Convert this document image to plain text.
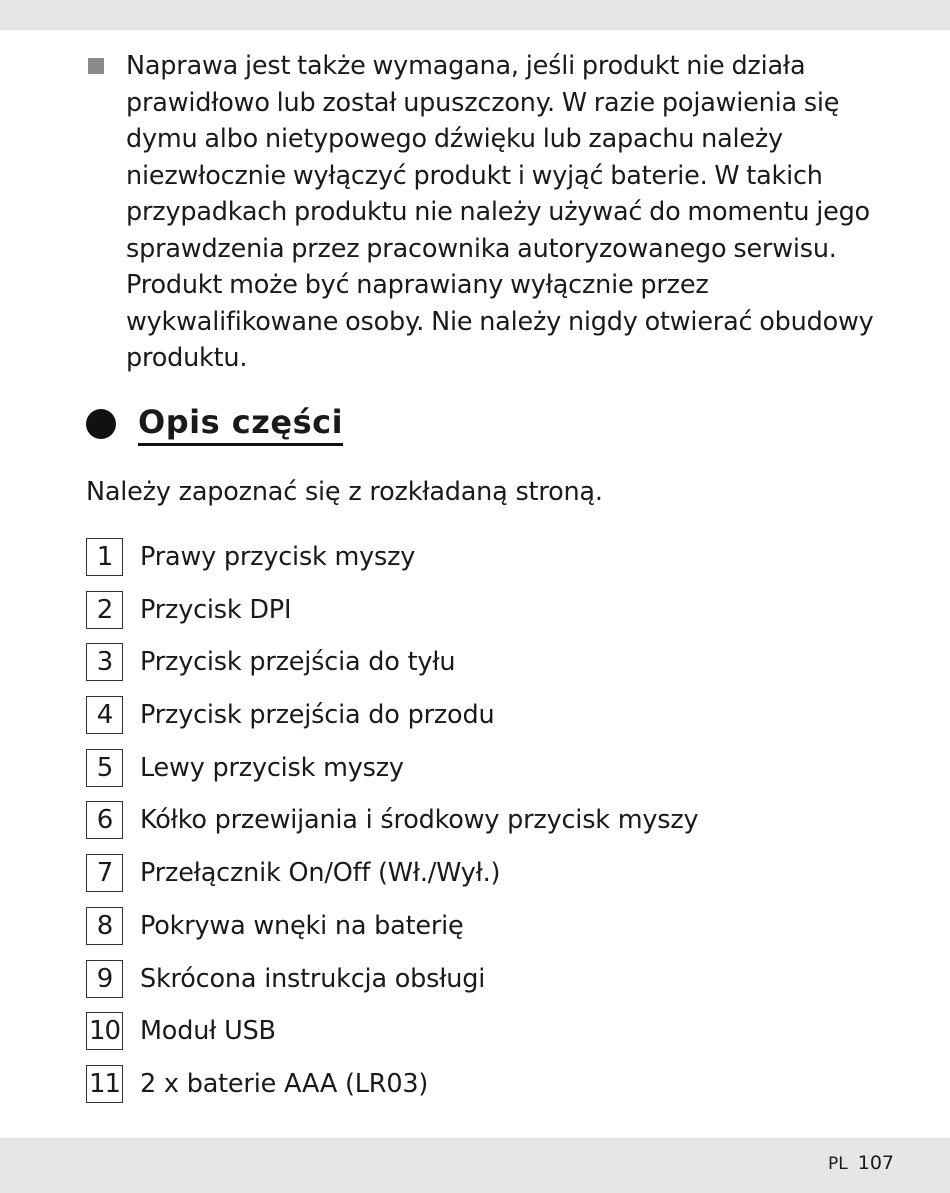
Naprawa jest także wymagana, jeśli produkt nie działa prawidłowo lub został upuszczony. W razie pojawienia się dymu albo nietypowego dźwięku lub zapachu należy niezwłocznie wyłączyć produkt i wyjąć baterie. W takich przypadkach produktu nie należy używać do momentu jego sprawdzenia przez pracownika autoryzowanego serwisu. Produkt może być naprawiany wyłącznie przez wykwalifikowane osoby. Nie należy nigdy otwierać obudowy produktu.
Opis części
Należy zapoznać się z rozkładaną stroną.
1	Prawy przycisk myszy
2	Przycisk DPI
3	Przycisk przejścia do tyłu
4	Przycisk przejścia do przodu
5	Lewy przycisk myszy
6	Kółko przewijania i środkowy przycisk myszy
7	Przełącznik On/Off (Wł./Wył.)
8	Pokrywa wnęki na baterię
9	Skrócona instrukcja obsługi
10 Moduł USB
11 2 x baterie AAA (LR03)
PL 107
